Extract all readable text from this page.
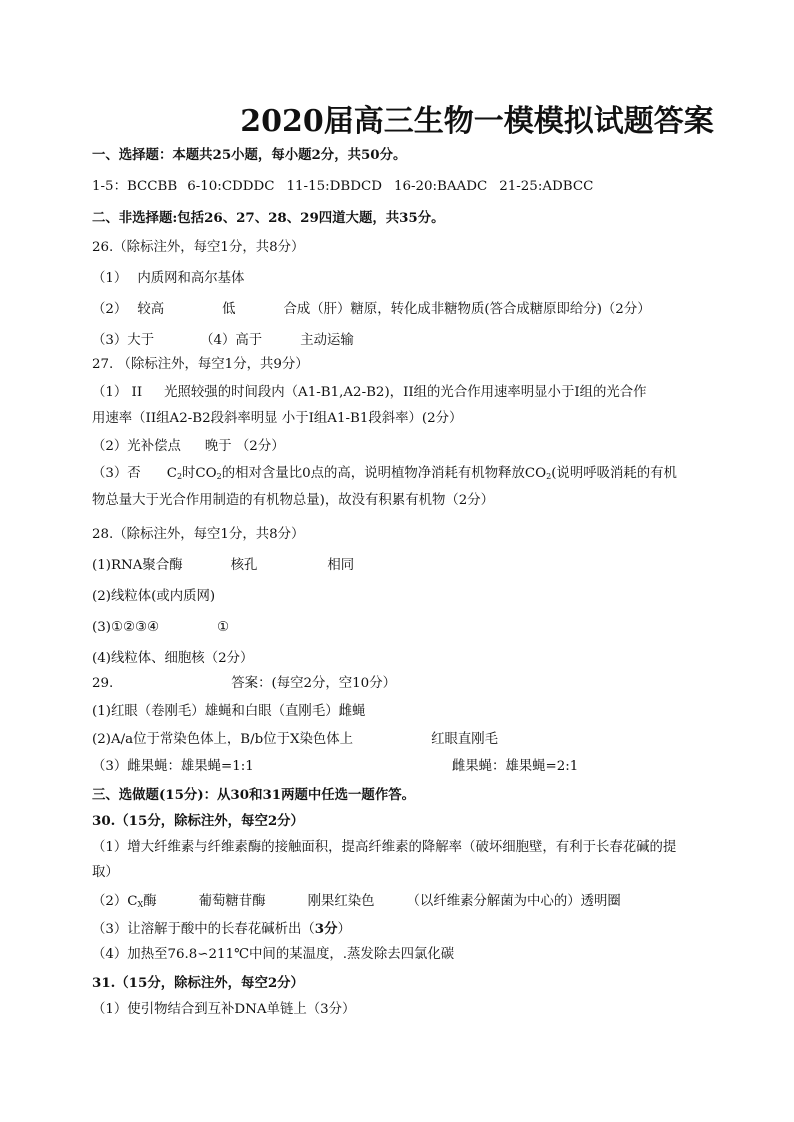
2020届高三生物一模模拟试题答案
一、选择题：本题共25小题，每小题2分，共50分。
1-5：BCCBB 6-10:CDDDC 11-15:DBDCD 16-20:BAADC 21-25:ADBCC
二、非选择题:包括26、27、28、29四道大题，共35分。
26.（除标注外，每空1分，共8分）
（1） 内质网和高尔基体
（2） 较高	低	合成（肝）糖原，转化成非糖物质(答合成糖原即给分)（2分）
（3）大于	（4）高于	主动运输
27. （除标注外，每空1分，共9分）
（1） II 光照较强的时间段内（A1-B1,A2-B2)，II组的光合作用速率明显小于I组的光合作
用速率（II组A2-B2段斜率明显 小于I组A1-B1段斜率）(2分）
（2）光补偿点 晚于 （2分）
（3）否 $C_2$时$CO_2$的相对含量比0点的高，说明植物净消耗有机物释放$CO_2$(说明呼吸消耗的有机
物总量大于光合作用制造的有机物总量)，故没有积累有机物（2分）
28.（除标注外，每空1分，共8分）
(1)RNA聚合酶	核孔	相同
(2)线粒体(或内质网)
(3)①②③④	①
(4)线粒体、细胞核（2分）
29.	答案：(每空2分，空10分）
(1)红眼（卷刚毛）雄蝇和白眼（直刚毛）雌蝇
(2)A/a位于常染色体上，B/b位于X染色体上	红眼直刚毛
（3）雌果蝇：雄果蝇=1:1	雌果蝇：雄果蝇=2:1
三、选做题(15分)：从30和31两题中任选一题作答。
30.（15分，除标注外，每空2分）
（1）增大纤维素与纤维素酶的接触面积，提高纤维素的降解率（破坏细胞壁，有利于长春花碱的提
取）
$(2)C_X$酶	葡萄糖苷酶	刚果红染色 （以纤维素分解菌为中心的）透明圈
（3）让溶解于酸中的长春花碱析出（3分）
（4）加热至76.8∽211℃中间的某温度，.蒸发除去四氯化碳
31.（15分，除标注外，每空2分）
（1）使引物结合到互补DNA单链上（3分）
